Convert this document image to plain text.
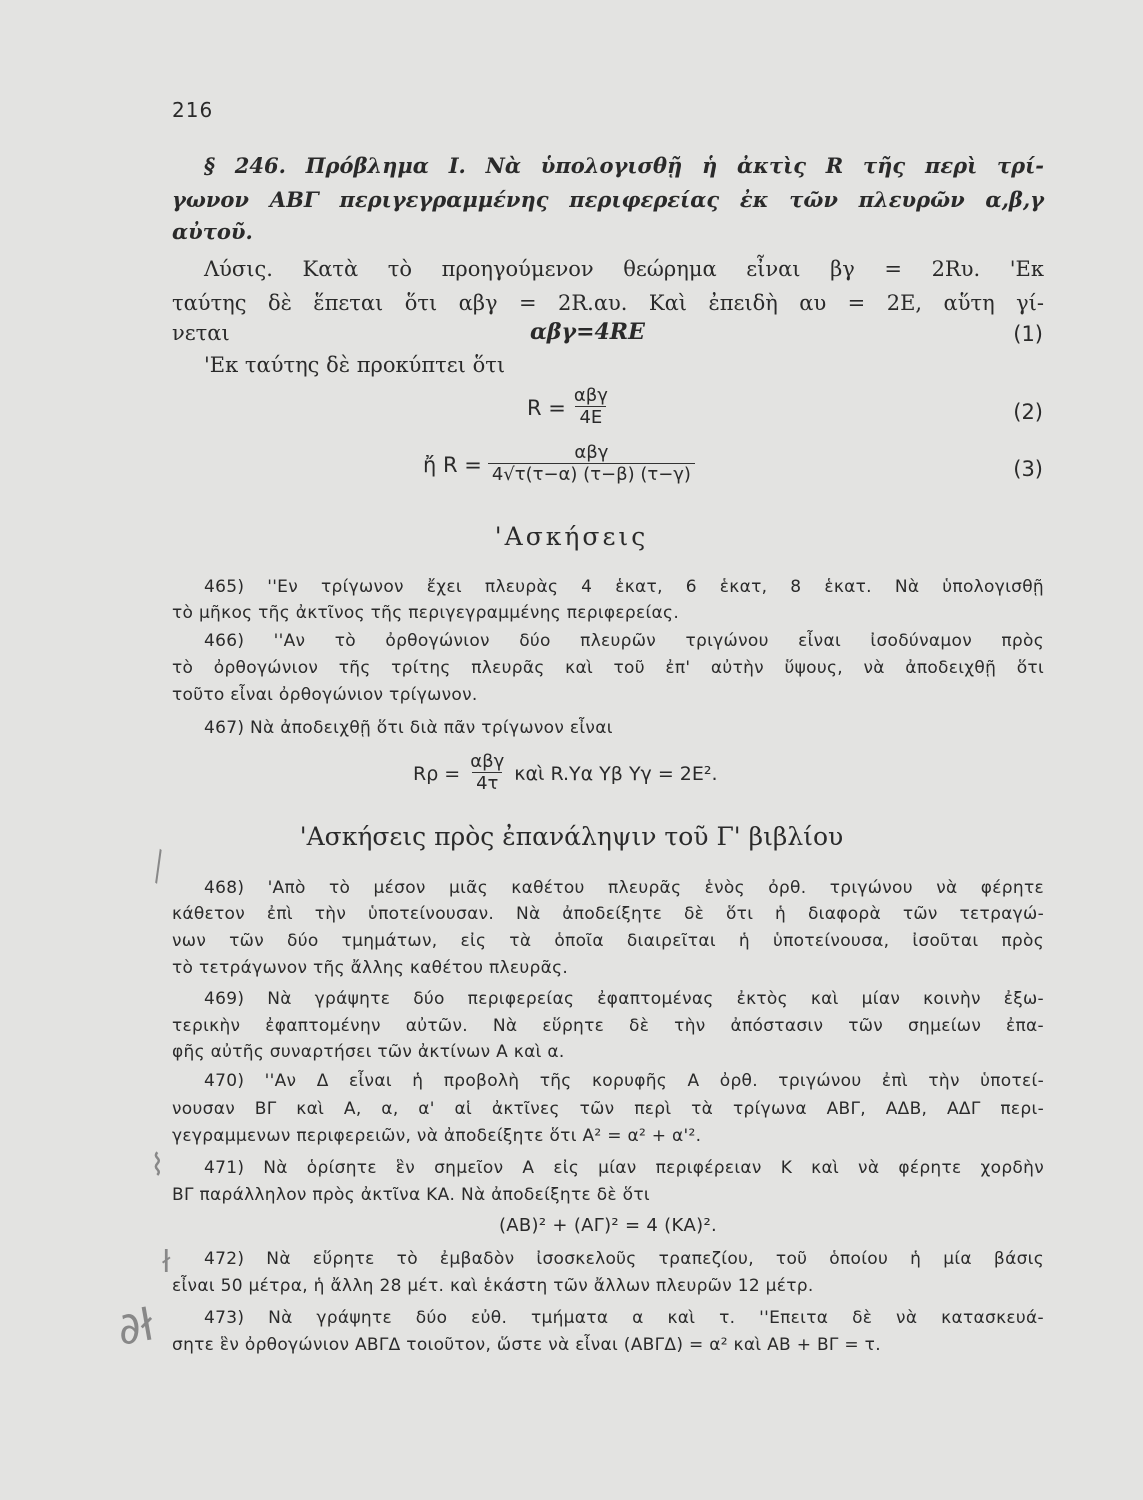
216
§ 246. Πρόβλημα I. Νὰ ὑπολογισθῇ ἡ ἀκτὶς R τῆς περὶ τρί-
γωνον ΑΒΓ περιγεγραμμένης περιφερείας ἐκ τῶν πλευρῶν α,β,γ
αὐτοῦ.
Λύσις. Κατὰ τὸ προηγούμενον θεώρημα εἶναι βγ = 2Rυ. 'Εκ
ταύτης δὲ ἕπεται ὅτι αβγ = 2R.αυ. Καὶ ἐπειδὴ αυ = 2Ε, αὕτη γί-
νεται	αβγ=4RE	(1)
'Εκ ταύτης δὲ προκύπτει ὅτι
$R = \frac{\text{αβγ}}{4E}$	(2)
ἤ $R = \frac{\text{αβγ}}{4√\tau(\tau-\alpha) (\tau-\beta) (\tau-\gamma)}$	(3)
'Ασκήσεις
465) ''Εν τρίγωνον ἔχει πλευρὰς 4 ἑκατ, 6 ἑκατ, 8 ἑκατ. Νὰ ὑπολογισθῇ
τὸ μῆκος τῆς ἀκτῖνος τῆς περιγεγραμμένης περιφερείας.
466) ''Αν τὸ ὀρθογώνιον δύο πλευρῶν τριγώνου εἶναι ἰσοδύναμον πρὸς
τὸ ὀρθογώνιον τῆς τρίτης πλευρᾶς καὶ τοῦ ἐπ' αὐτὴν ὕψους, νὰ ἀποδειχθῇ ὅτι
τοῦτο εἶναι ὀρθογώνιον τρίγωνον.
467) Νὰ ἀποδειχθῇ ὅτι διὰ πᾶν τρίγωνον εἶναι
$R\rho = \frac{\text{αβγ}}{4\tau}$ καὶ R.Υα Υβ Υγ = 2Ε².
'Ασκήσεις πρὸς ἐπανάληψιν τοῦ Γ' βιβλίου
╲
468) 'Απὸ τὸ μέσον μιᾶς καθέτου πλευρᾶς ἑνὸς ὀρθ. τριγώνου νὰ φέρητε
κάθετον ἐπὶ τὴν ὑποτείνουσαν. Νὰ ἀποδείξητε δὲ ὅτι ἡ διαφορὰ τῶν τετραγώ-
νων τῶν δύο τμημάτων, εἰς τὰ ὁποῖα διαιρεῖται ἡ ὑποτείνουσα, ἰσοῦται πρὸς
τὸ τετράγωνον τῆς ἄλλης καθέτου πλευρᾶς.
469) Νὰ γράψητε δύο περιφερείας ἐφαπτομένας ἐκτὸς καὶ μίαν κοινὴν ἐξω-
τερικὴν ἐφαπτομένην αὐτῶν. Νὰ εὕρητε δὲ τὴν ἀπόστασιν τῶν σημείων ἐπα-
φῆς αὐτῆς συναρτήσει τῶν ἀκτίνων Α καὶ α.
470) ''Αν Δ εἶναι ἡ προβολὴ τῆς κορυφῆς Α ὀρθ. τριγώνου ἐπὶ τὴν ὑποτεί-
νουσαν ΒΓ καὶ Α, α, α' αἱ ἀκτῖνες τῶν περὶ τὰ τρίγωνα ΑΒΓ, ΑΔΒ, ΑΔΓ περι-
γεγραμμενων περιφερειῶν, νὰ ἀποδείξητε ὅτι Α² = α² + α'².
⌇	471) Νὰ ὁρίσητε ἓν σημεῖον Α εἰς μίαν περιφέρειαν Κ καὶ νὰ φέρητε χορδὴν
ΒΓ παράλληλον πρὸς ἀκτῖνα ΚΑ. Νὰ ἀποδείξητε δὲ ὅτι
(ΑΒ)² + (ΑΓ)² = 4 (ΚΑ)².
ł	472) Νὰ εὕρητε τὸ ἐμβαδὸν ἰσοσκελοῦς τραπεζίου, τοῦ ὁποίου ἡ μία βάσις
εἶναι 50 μέτρα, ἡ ἄλλη 28 μέτ. καὶ ἑκάστη τῶν ἄλλων πλευρῶν 12 μέτρ.
∂ł	473) Νὰ γράψητε δύο εὐθ. τμήματα α καὶ τ. ''Επειτα δὲ νὰ κατασκευά-
σητε ἓν ὀρθογώνιον ΑΒΓΔ τοιοῦτον, ὥστε νὰ εἶναι (ΑΒΓΔ) = α² καὶ ΑΒ + ΒΓ = τ.
